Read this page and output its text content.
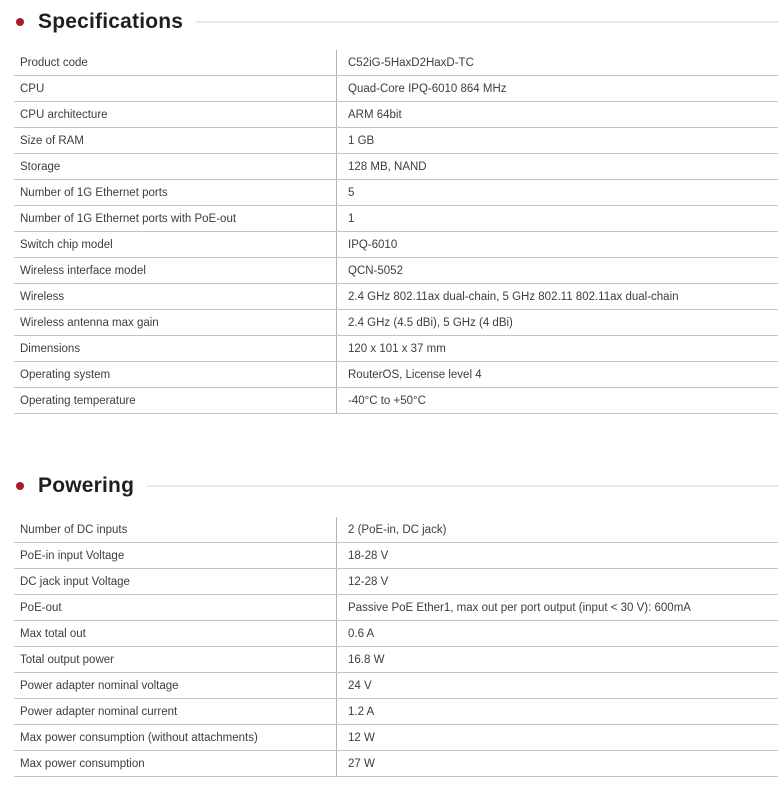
Specifications
Product code	C52iG-5HaxD2HaxD-TC
CPU	Quad-Core IPQ-6010 864 MHz
CPU architecture	ARM 64bit
Size of RAM	1 GB
Storage	128 MB, NAND
Number of 1G Ethernet ports	5
Number of 1G Ethernet ports with PoE-out	1
Switch chip model	IPQ-6010
Wireless interface model	QCN-5052
Wireless	2.4 GHz 802.11ax dual-chain, 5 GHz 802.11 802.11ax dual-chain
Wireless antenna max gain	2.4 GHz (4.5 dBi), 5 GHz (4 dBi)
Dimensions	120 x 101 x 37 mm
Operating system	RouterOS, License level 4
Operating temperature	-40°C to +50°C
Powering
Number of DC inputs	2 (PoE-in, DC jack)
PoE-in input Voltage	18-28 V
DC jack input Voltage	12-28 V
PoE-out	Passive PoE Ether1, max out per port output (input < 30 V): 600mA
Max total out	0.6 A
Total output power	16.8 W
Power adapter nominal voltage	24 V
Power adapter nominal current	1.2 A
Max power consumption (without attachments)	12 W
Max power consumption	27 W
